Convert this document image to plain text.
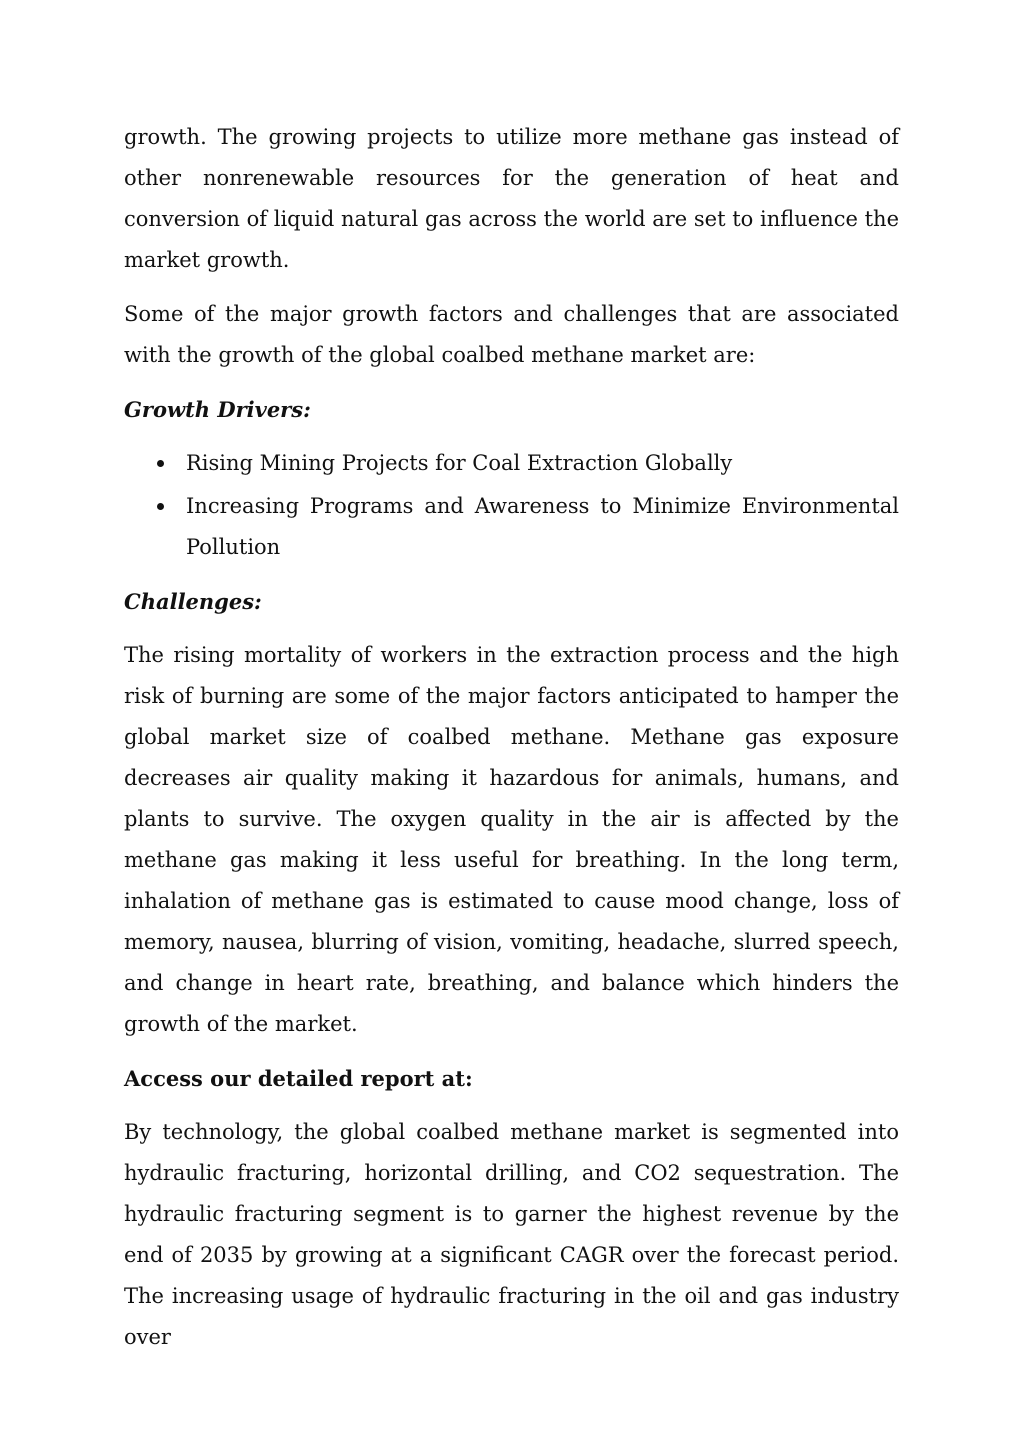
growth. The growing projects to utilize more methane gas instead of other nonrenewable resources for the generation of heat and conversion of liquid natural gas across the world are set to influence the market growth.

Some of the major growth factors and challenges that are associated with the growth of the global coalbed methane market are:

Growth Drivers:
Rising Mining Projects for Coal Extraction Globally
Increasing Programs and Awareness to Minimize Environmental Pollution
Challenges:

The rising mortality of workers in the extraction process and the high risk of burning are some of the major factors anticipated to hamper the global market size of coalbed methane. Methane gas exposure decreases air quality making it hazardous for animals, humans, and plants to survive. The oxygen quality in the air is affected by the methane gas making it less useful for breathing. In the long term, inhalation of methane gas is estimated to cause mood change, loss of memory, nausea, blurring of vision, vomiting, headache, slurred speech, and change in heart rate, breathing, and balance which hinders the growth of the market.

Access our detailed report at:

By technology, the global coalbed methane market is segmented into hydraulic fracturing, horizontal drilling, and CO2 sequestration. The hydraulic fracturing segment is to garner the highest revenue by the end of 2035 by growing at a significant CAGR over the forecast period. The increasing usage of hydraulic fracturing in the oil and gas industry over
